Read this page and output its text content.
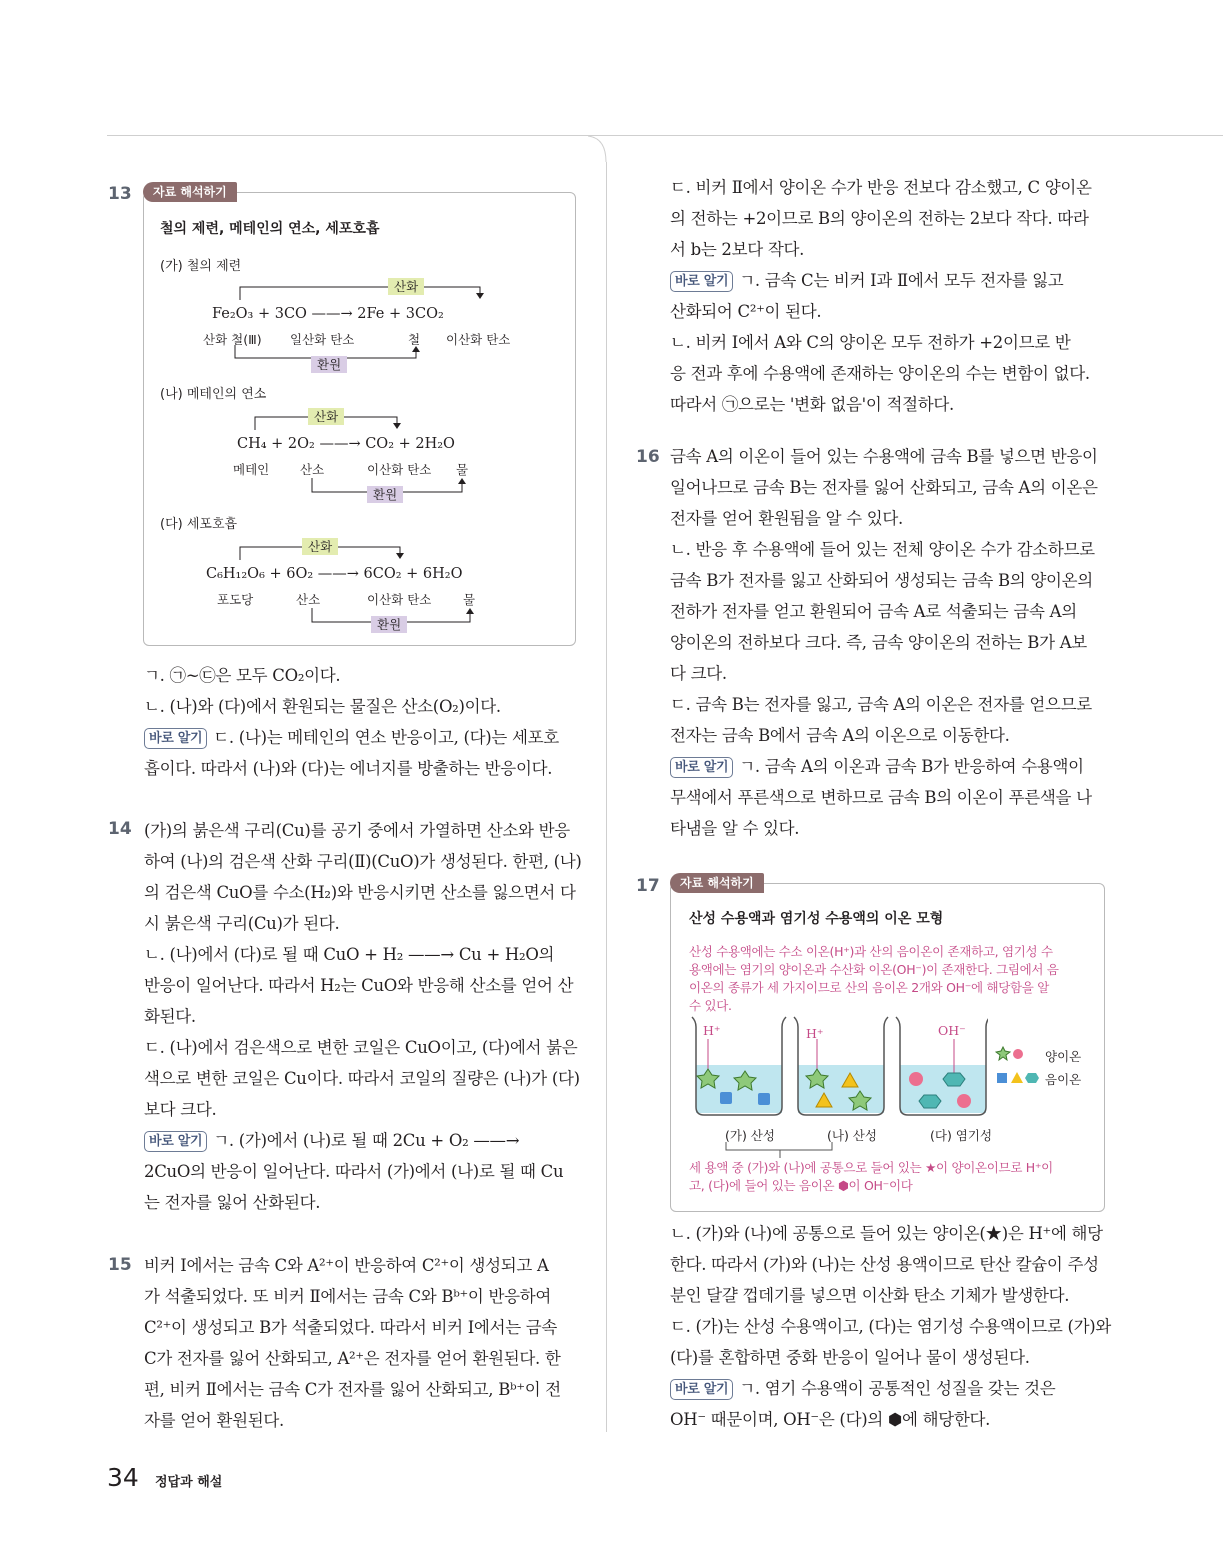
13	자료 해석하기
철의 제련, 메테인의 연소, 세포호흡
(가) 철의 제련
산화
Fe₂O₃ + 3CO ——→ 2Fe + 3CO₂
산화 철(Ⅲ) 일산화 탄소	철 이산화 탄소
환원
(나) 메테인의 연소
산화
CH₄ + 2O₂ ——→ CO₂ + 2H₂O
메테인 산소	이산화 탄소 물
환원
(다) 세포호흡
산화
C₆H₁₂O₆ + 6O₂ ——→ 6CO₂ + 6H₂O
포도당	산소	이산화 탄소	물
환원

ㄱ. ㉠~㉢은 모두 CO₂이다.

ㄴ. (나)와 (다)에서 환원되는 물질은 산소(O₂)이다.

바로 알기 ㄷ. (나)는 메테인의 연소 반응이고, (다)는 세포호

흡이다. 따라서 (나)와 (다)는 에너지를 방출하는 반응이다.

14 (가)의 붉은색 구리(Cu)를 공기 중에서 가열하면 산소와 반응

하여 (나)의 검은색 산화 구리(Ⅱ)(CuO)가 생성된다. 한편, (나)

의 검은색 CuO를 수소(H₂)와 반응시키면 산소를 잃으면서 다

시 붉은색 구리(Cu)가 된다.

ㄴ. (나)에서 (다)로 될 때 CuO + H₂ ——→ Cu + H₂O의

반응이 일어난다. 따라서 H₂는 CuO와 반응해 산소를 얻어 산

화된다.

ㄷ. (나)에서 검은색으로 변한 코일은 CuO이고, (다)에서 붉은

색으로 변한 코일은 Cu이다. 따라서 코일의 질량은 (나)가 (다)

보다 크다.

바로 알기 ㄱ. (가)에서 (나)로 될 때 2Cu + O₂ ——→

2CuO의 반응이 일어난다. 따라서 (가)에서 (나)로 될 때 Cu

는 전자를 잃어 산화된다.

15 비커 Ⅰ에서는 금속 C와 A²⁺이 반응하여 C²⁺이 생성되고 A

가 석출되었다. 또 비커 Ⅱ에서는 금속 C와 Bᵇ⁺이 반응하여

C²⁺이 생성되고 B가 석출되었다. 따라서 비커 Ⅰ에서는 금속

C가 전자를 잃어 산화되고, A²⁺은 전자를 얻어 환원된다. 한

편, 비커 Ⅱ에서는 금속 C가 전자를 잃어 산화되고, Bᵇ⁺이 전

자를 얻어 환원된다.

ㄷ. 비커 Ⅱ에서 양이온 수가 반응 전보다 감소했고, C 양이온

의 전하는 +2이므로 B의 양이온의 전하는 2보다 작다. 따라

서 b는 2보다 작다.

바로 알기 ㄱ. 금속 C는 비커 Ⅰ과 Ⅱ에서 모두 전자를 잃고

산화되어 C²⁺이 된다.

ㄴ. 비커 Ⅰ에서 A와 C의 양이온 모두 전하가 +2이므로 반

응 전과 후에 수용액에 존재하는 양이온의 수는 변함이 없다.

따라서 ㉠으로는 '변화 없음'이 적절하다.

16 금속 A의 이온이 들어 있는 수용액에 금속 B를 넣으면 반응이

일어나므로 금속 B는 전자를 잃어 산화되고, 금속 A의 이온은

전자를 얻어 환원됨을 알 수 있다.

ㄴ. 반응 후 수용액에 들어 있는 전체 양이온 수가 감소하므로

금속 B가 전자를 잃고 산화되어 생성되는 금속 B의 양이온의

전하가 전자를 얻고 환원되어 금속 A로 석출되는 금속 A의

양이온의 전하보다 크다. 즉, 금속 양이온의 전하는 B가 A보

다 크다.

ㄷ. 금속 B는 전자를 잃고, 금속 A의 이온은 전자를 얻으므로

전자는 금속 B에서 금속 A의 이온으로 이동한다.

바로 알기 ㄱ. 금속 A의 이온과 금속 B가 반응하여 수용액이

무색에서 푸른색으로 변하므로 금속 B의 이온이 푸른색을 나

타냄을 알 수 있다.

17	자료 해석하기
산성 수용액과 염기성 수용액의 이온 모형
산성 수용액에는 수소 이온(H⁺)과 산의 음이온이 존재하고, 염기성 수
용액에는 염기의 양이온과 수산화 이온(OH⁻)이 존재한다. 그림에서 음
이온의 종류가 세 가지이므로 산의 음이온 2개와 OH⁻에 해당함을 알
수 있다.
H⁺	H⁺	OH⁻
양이온
음이온
(가) 산성	(나) 산성	(다) 염기성
세 용액 중 (가)와 (나)에 공통으로 들어 있는 ★이 양이온이므로 H⁺이
고, (다)에 들어 있는 음이온 ⬢이 OH⁻이다

ㄴ. (가)와 (나)에 공통으로 들어 있는 양이온(★)은 H⁺에 해당

한다. 따라서 (가)와 (나)는 산성 용액이므로 탄산 칼슘이 주성

분인 달걀 껍데기를 넣으면 이산화 탄소 기체가 발생한다.

ㄷ. (가)는 산성 수용액이고, (다)는 염기성 수용액이므로 (가)와

(다)를 혼합하면 중화 반응이 일어나 물이 생성된다.

바로 알기 ㄱ. 염기 수용액이 공통적인 성질을 갖는 것은

OH⁻ 때문이며, OH⁻은 (다)의 ⬢에 해당한다.

34 정답과 해설
